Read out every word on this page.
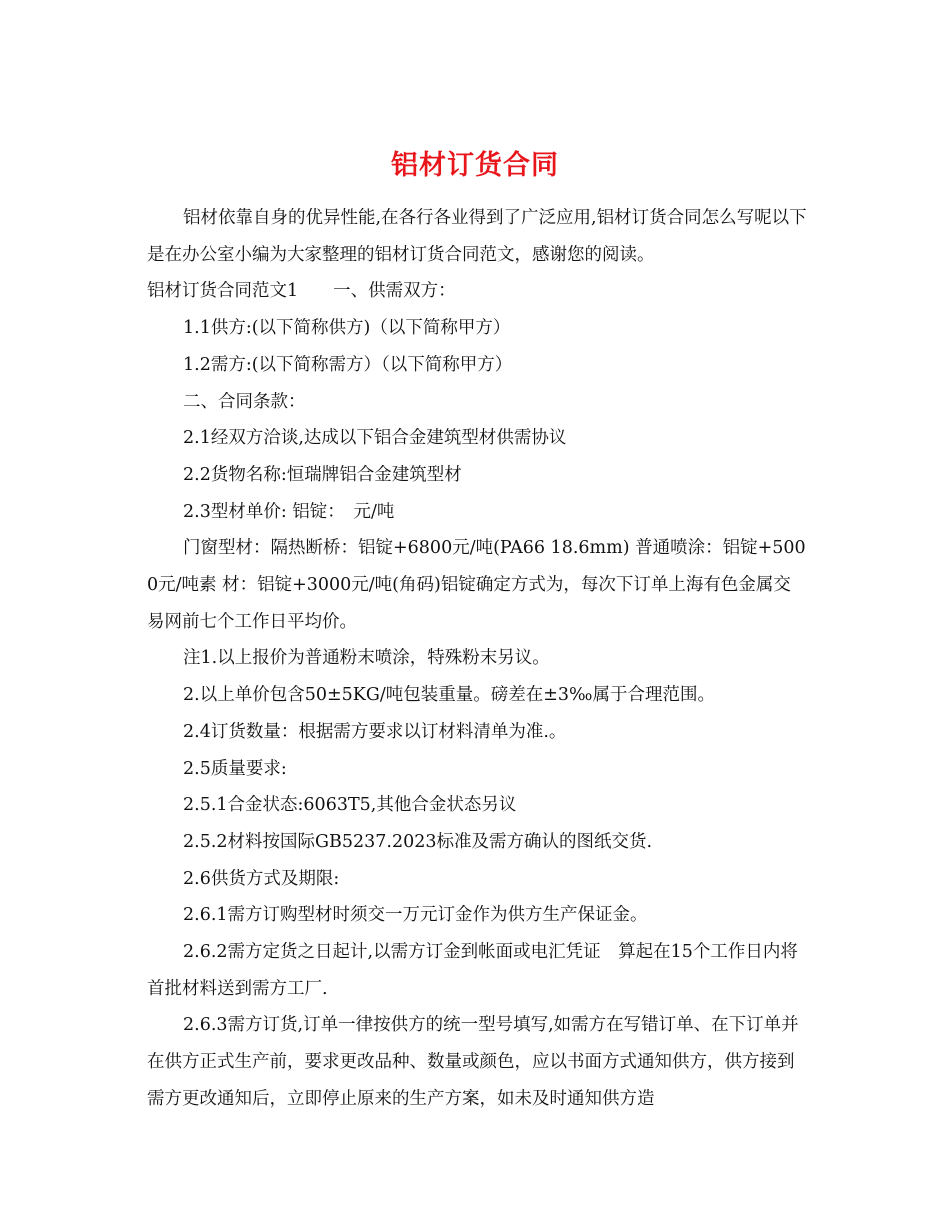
铝材订货合同

铝材依靠自身的优异性能,在各行各业得到了广泛应用,铝材订货合同怎么写呢以下是在办公室小编为大家整理的铝材订货合同范文，感谢您的阅读。

铝材订货合同范文1　　一、供需双方：

1.1供方:(以下简称供方)（以下简称甲方）

1.2需方:(以下简称需方）（以下简称甲方）

二、合同条款：

2.1经双方洽谈,达成以下铝合金建筑型材供需协议

2.2货物名称:恒瑞牌铝合金建筑型材

2.3型材单价: 铝锭：　元/吨

门窗型材：隔热断桥：铝锭+6800元/吨(PA66 18.6mm) 普通喷涂：铝锭+5000元/吨素 材：铝锭+3000元/吨(角码)铝锭确定方式为，每次下订单上海有色金属交易网前七个工作日平均价。

注1.以上报价为普通粉末喷涂，特殊粉末另议。

2.以上单价包含50±5KG/吨包装重量。磅差在±3‰属于合理范围。

2.4订货数量：根据需方要求以订材料清单为准.。

2.5质量要求:

2.5.1合金状态:6063T5,其他合金状态另议

2.5.2材料按国际GB5237.2023标准及需方确认的图纸交货.

2.6供货方式及期限:

2.6.1需方订购型材时须交一万元订金作为供方生产保证金。

2.6.2需方定货之日起计,以需方订金到帐面或电汇凭证　算起在15个工作日内将首批材料送到需方工厂.

2.6.3需方订货,订单一律按供方的统一型号填写,如需方在写错订单、在下订单并在供方正式生产前，要求更改品种、数量或颜色，应以书面方式通知供方，供方接到需方更改通知后，立即停止原来的生产方案，如未及时通知供方造
